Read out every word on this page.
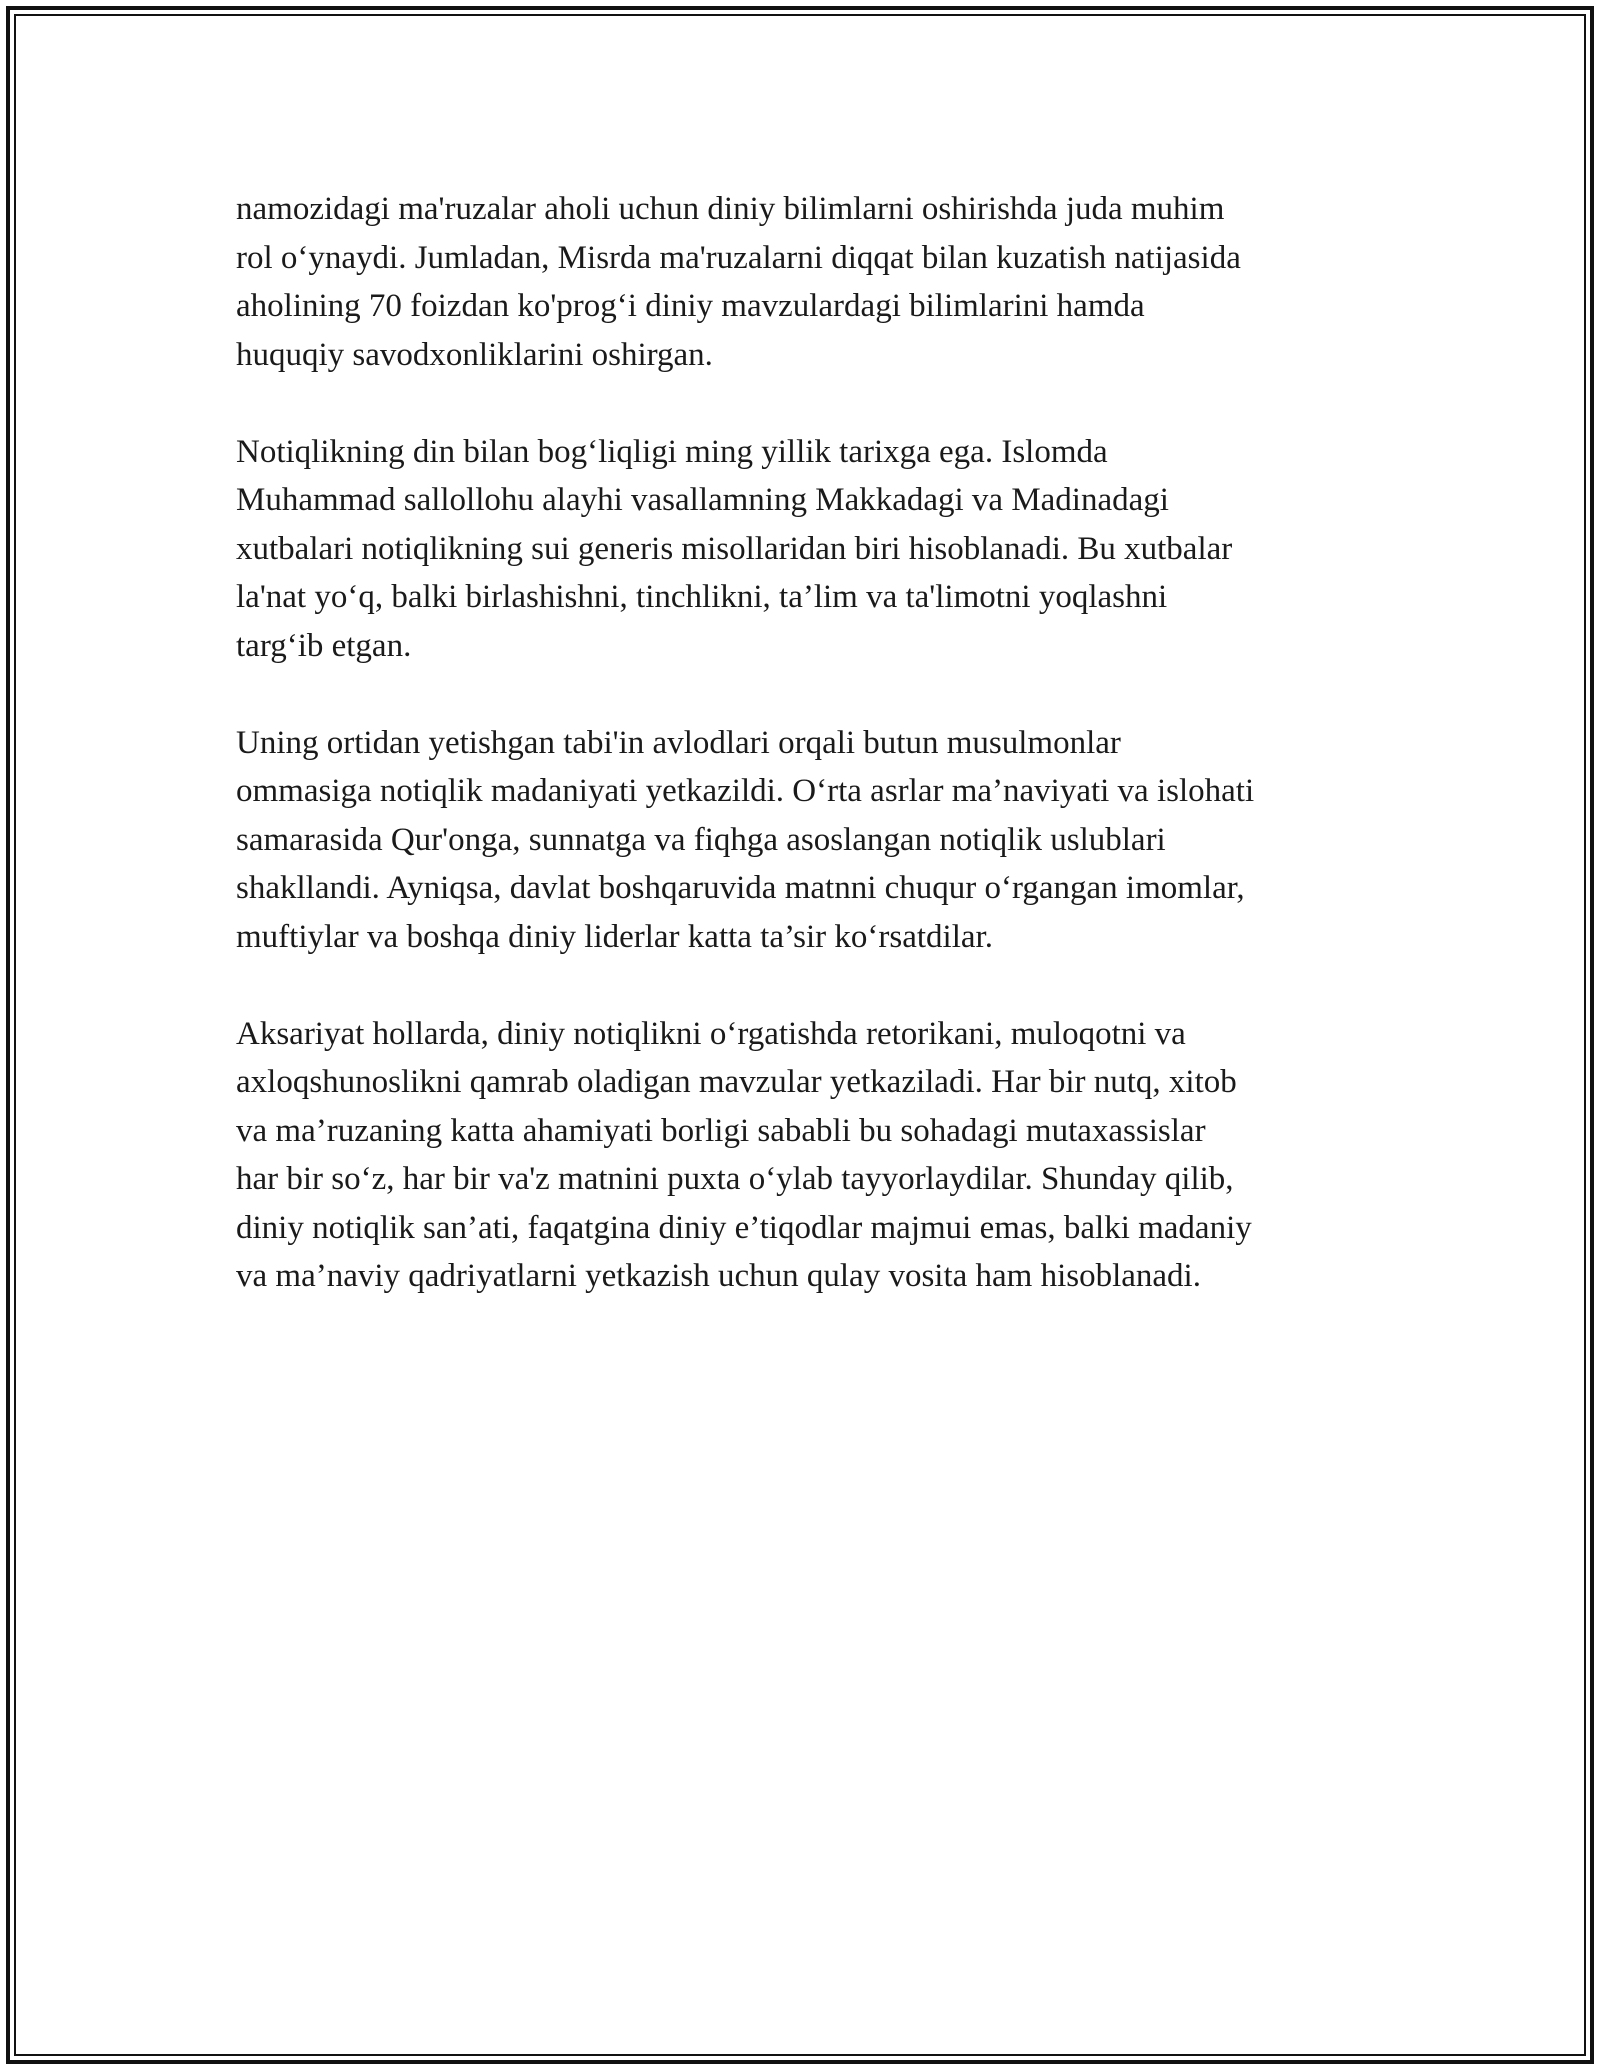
namozidagi ma'ruzalar aholi uchun diniy bilimlarni oshirishda juda muhim
rol o‘ynaydi. Jumladan, Misrda ma'ruzalarni diqqat bilan kuzatish natijasida
aholining 70 foizdan ko'prog‘i diniy mavzulardagi bilimlarini hamda
huquqiy savodxonliklarini oshirgan.

Notiqlikning din bilan bog‘liqligi ming yillik tarixga ega. Islomda
Muhammad sallollohu alayhi vasallamning Makkadagi va Madinadagi
xutbalari notiqlikning sui generis misollaridan biri hisoblanadi. Bu xutbalar
la'nat yo‘q, balki birlashishni, tinchlikni, ta’lim va ta'limotni yoqlashni
targ‘ib etgan.

Uning ortidan yetishgan tabi'in avlodlari orqali butun musulmonlar
ommasiga notiqlik madaniyati yetkazildi. O‘rta asrlar ma’naviyati va islohati
samarasida Qur'onga, sunnatga va fiqhga asoslangan notiqlik uslublari
shakllandi. Ayniqsa, davlat boshqaruvida matnni chuqur o‘rgangan imomlar,
muftiylar va boshqa diniy liderlar katta ta’sir ko‘rsatdilar.

Aksariyat hollarda, diniy notiqlikni o‘rgatishda retorikani, muloqotni va
axloqshunoslikni qamrab oladigan mavzular yetkaziladi. Har bir nutq, xitob
va ma’ruzaning katta ahamiyati borligi sababli bu sohadagi mutaxassislar
har bir so‘z, har bir va'z matnini puxta o‘ylab tayyorlaydilar. Shunday qilib,
diniy notiqlik san’ati, faqatgina diniy e’tiqodlar majmui emas, balki madaniy
va ma’naviy qadriyatlarni yetkazish uchun qulay vosita ham hisoblanadi.
